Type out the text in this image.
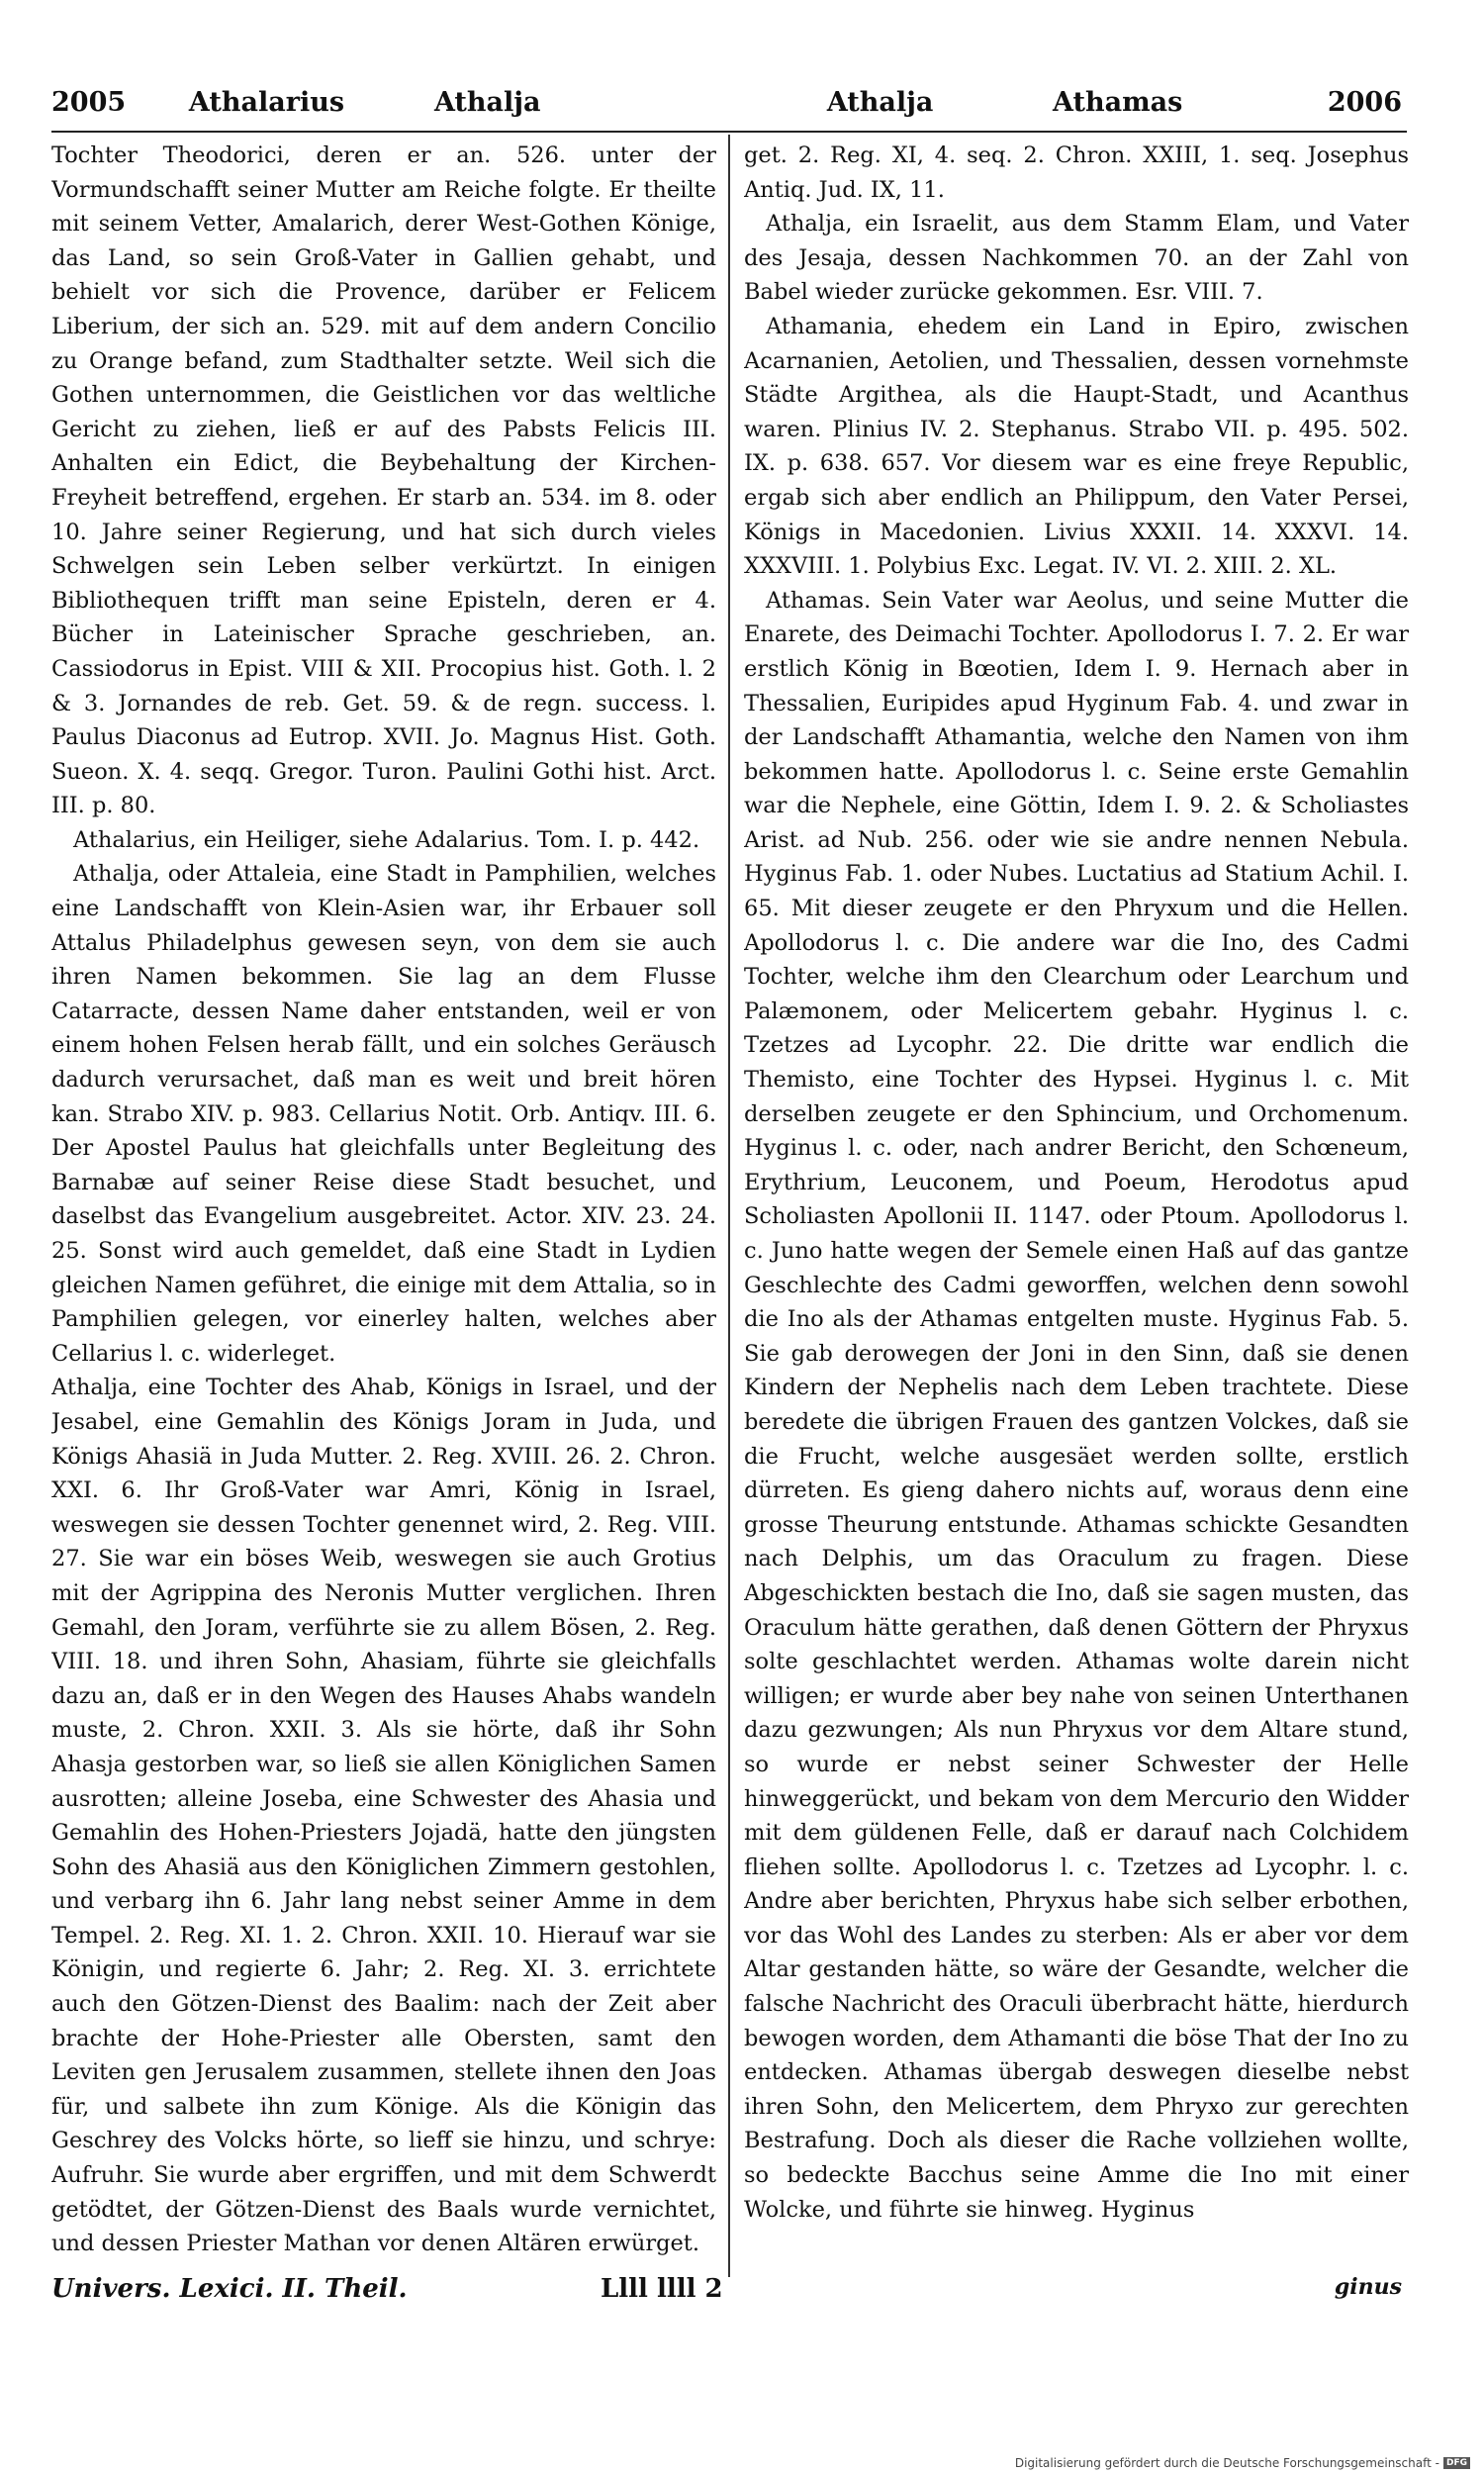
2005	Athalarius	Athalja	Athalja	Athamas	2006

Tochter Theodorici, deren er an. 526. unter der Vormundschafft seiner Mutter am Reiche folgte. Er theilte mit seinem Vetter, Amalarich, derer West-Gothen Könige, das Land, so sein Groß-Vater in Gallien gehabt, und behielt vor sich die Provence, darüber er Felicem Liberium, der sich an. 529. mit auf dem andern Concilio zu Orange befand, zum Stadthalter setzte. Weil sich die Gothen unternommen, die Geistlichen vor das weltliche Gericht zu ziehen, ließ er auf des Pabsts Felicis III. Anhalten ein Edict, die Beybehaltung der Kirchen-Freyheit betreffend, ergehen. Er starb an. 534. im 8. oder 10. Jahre seiner Regierung, und hat sich durch vieles Schwelgen sein Leben selber verkürtzt. In einigen Bibliothequen trifft man seine Episteln, deren er 4. Bücher in Lateinischer Sprache geschrieben, an. Cassiodorus in Epist. VIII & XII. Procopius hist. Goth. l. 2 & 3. Jornandes de reb. Get. 59. & de regn. success. l. Paulus Diaconus ad Eutrop. XVII. Jo. Magnus Hist. Goth. Sueon. X. 4. seqq. Gregor. Turon. Paulini Gothi hist. Arct. III. p. 80.

Athalarius, ein Heiliger, siehe Adalarius. Tom. I. p. 442.

Athalja, oder Attaleia, eine Stadt in Pamphilien, welches eine Landschafft von Klein-Asien war, ihr Erbauer soll Attalus Philadelphus gewesen seyn, von dem sie auch ihren Namen bekommen. Sie lag an dem Flusse Catarracte, dessen Name daher entstanden, weil er von einem hohen Felsen herab fällt, und ein solches Geräusch dadurch verursachet, daß man es weit und breit hören kan. Strabo XIV. p. 983. Cellarius Notit. Orb. Antiqv. III. 6. Der Apostel Paulus hat gleichfalls unter Begleitung des Barnabæ auf seiner Reise diese Stadt besuchet, und daselbst das Evangelium ausgebreitet. Actor. XIV. 23. 24. 25. Sonst wird auch gemeldet, daß eine Stadt in Lydien gleichen Namen geführet, die einige mit dem Attalia, so in Pamphilien gelegen, vor einerley halten, welches aber Cellarius l. c. widerleget.

Athalja, eine Tochter des Ahab, Königs in Israel, und der Jesabel, eine Gemahlin des Königs Joram in Juda, und Königs Ahasiä in Juda Mutter. 2. Reg. XVIII. 26. 2. Chron. XXI. 6. Ihr Groß-Vater war Amri, König in Israel, weswegen sie dessen Tochter genennet wird, 2. Reg. VIII. 27. Sie war ein böses Weib, weswegen sie auch Grotius mit der Agrippina des Neronis Mutter verglichen. Ihren Gemahl, den Joram, verführte sie zu allem Bösen, 2. Reg. VIII. 18. und ihren Sohn, Ahasiam, führte sie gleichfalls dazu an, daß er in den Wegen des Hauses Ahabs wandeln muste, 2. Chron. XXII. 3. Als sie hörte, daß ihr Sohn Ahasja gestorben war, so ließ sie allen Königlichen Samen ausrotten; alleine Joseba, eine Schwester des Ahasia und Gemahlin des Hohen-Priesters Jojadä, hatte den jüngsten Sohn des Ahasiä aus den Königlichen Zimmern gestohlen, und verbarg ihn 6. Jahr lang nebst seiner Amme in dem Tempel. 2. Reg. XI. 1. 2. Chron. XXII. 10. Hierauf war sie Königin, und regierte 6. Jahr; 2. Reg. XI. 3. errichtete auch den Götzen-Dienst des Baalim: nach der Zeit aber brachte der Hohe-Priester alle Obersten, samt den Leviten gen Jerusalem zusammen, stellete ihnen den Joas für, und salbete ihn zum Könige. Als die Königin das Geschrey des Volcks hörte, so lieff sie hinzu, und schrye: Aufruhr. Sie wurde aber ergriffen, und mit dem Schwerdt getödtet, der Götzen-Dienst des Baals wurde vernichtet, und dessen Priester Mathan vor denen Altären erwürget.

get. 2. Reg. XI, 4. seq. 2. Chron. XXIII, 1. seq. Josephus Antiq. Jud. IX, 11.

Athalja, ein Israelit, aus dem Stamm Elam, und Vater des Jesaja, dessen Nachkommen 70. an der Zahl von Babel wieder zurücke gekommen. Esr. VIII. 7.

Athamania, ehedem ein Land in Epiro, zwischen Acarnanien, Aetolien, und Thessalien, dessen vornehmste Städte Argithea, als die Haupt-Stadt, und Acanthus waren. Plinius IV. 2. Stephanus. Strabo VII. p. 495. 502. IX. p. 638. 657. Vor diesem war es eine freye Republic, ergab sich aber endlich an Philippum, den Vater Persei, Königs in Macedonien. Livius XXXII. 14. XXXVI. 14. XXXVIII. 1. Polybius Exc. Legat. IV. VI. 2. XIII. 2. XL.

Athamas. Sein Vater war Aeolus, und seine Mutter die Enarete, des Deimachi Tochter. Apollodorus I. 7. 2. Er war erstlich König in Bœotien, Idem I. 9. Hernach aber in Thessalien, Euripides apud Hyginum Fab. 4. und zwar in der Landschafft Athamantia, welche den Namen von ihm bekommen hatte. Apollodorus l. c. Seine erste Gemahlin war die Nephele, eine Göttin, Idem I. 9. 2. & Scholiastes Arist. ad Nub. 256. oder wie sie andre nennen Nebula. Hyginus Fab. 1. oder Nubes. Luctatius ad Statium Achil. I. 65. Mit dieser zeugete er den Phryxum und die Hellen. Apollodorus l. c. Die andere war die Ino, des Cadmi Tochter, welche ihm den Clearchum oder Learchum und Palæmonem, oder Melicertem gebahr. Hyginus l. c. Tzetzes ad Lycophr. 22. Die dritte war endlich die Themisto, eine Tochter des Hypsei. Hyginus l. c. Mit derselben zeugete er den Sphincium, und Orchomenum. Hyginus l. c. oder, nach andrer Bericht, den Schœneum, Erythrium, Leuconem, und Poeum, Herodotus apud Scholiasten Apollonii II. 1147. oder Ptoum. Apollodorus l. c. Juno hatte wegen der Semele einen Haß auf das gantze Geschlechte des Cadmi geworffen, welchen denn sowohl die Ino als der Athamas entgelten muste. Hyginus Fab. 5. Sie gab derowegen der Joni in den Sinn, daß sie denen Kindern der Nephelis nach dem Leben trachtete. Diese beredete die übrigen Frauen des gantzen Volckes, daß sie die Frucht, welche ausgesäet werden sollte, erstlich dürreten. Es gieng dahero nichts auf, woraus denn eine grosse Theurung entstunde. Athamas schickte Gesandten nach Delphis, um das Oraculum zu fragen. Diese Abgeschickten bestach die Ino, daß sie sagen musten, das Oraculum hätte gerathen, daß denen Göttern der Phryxus solte geschlachtet werden. Athamas wolte darein nicht willigen; er wurde aber bey nahe von seinen Unterthanen dazu gezwungen; Als nun Phryxus vor dem Altare stund, so wurde er nebst seiner Schwester der Helle hinweggerückt, und bekam von dem Mercurio den Widder mit dem güldenen Felle, daß er darauf nach Colchidem fliehen sollte. Apollodorus l. c. Tzetzes ad Lycophr. l. c. Andre aber berichten, Phryxus habe sich selber erbothen, vor das Wohl des Landes zu sterben: Als er aber vor dem Altar gestanden hätte, so wäre der Gesandte, welcher die falsche Nachricht des Oraculi überbracht hätte, hierdurch bewogen worden, dem Athamanti die böse That der Ino zu entdecken. Athamas übergab deswegen dieselbe nebst ihren Sohn, den Melicertem, dem Phryxo zur gerechten Bestrafung. Doch als dieser die Rache vollziehen wollte, so bedeckte Bacchus seine Amme die Ino mit einer Wolcke, und führte sie hinweg. Hyginus

Univers. Lexici. II. Theil.	Llll llll 2	ginus
Digitalisierung gefördert durch die Deutsche Forschungsgemeinschaft - DFG
